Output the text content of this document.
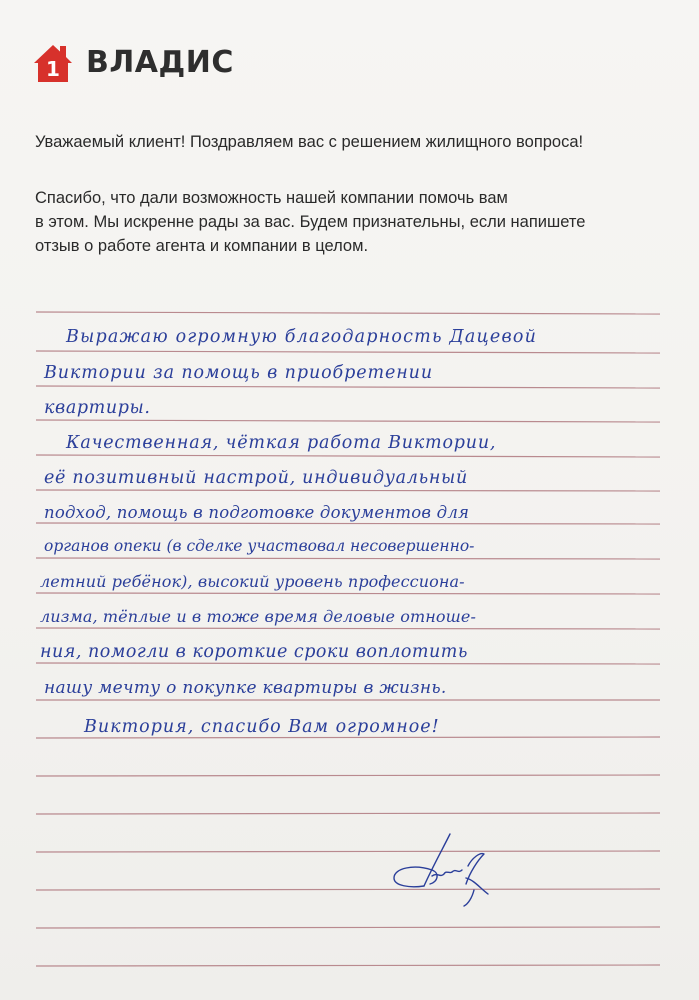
1 ВЛАДИС
Уважаемый клиент! Поздравляем вас с решением жилищного вопроса!
Спасибо, что дали возможность нашей компании помочь вам
в этом. Мы искренне рады за вас. Будем признательны, если напишете
отзыв о работе агента и компании в целом.
Выражаю огромную благодарность Дацевой
Виктории за помощь в приобретении
квартиры.
Качественная, чёткая работа Виктории,
её позитивный настрой, индивидуальный
подход, помощь в подготовке документов для
органов опеки (в сделке участвовал несовершенно-
летний ребёнок), высокий уровень профессиона-
лизма, тёплые и в тоже время деловые отноше-
ния, помогли в короткие сроки воплотить
нашу мечту о покупке квартиры в жизнь.
Виктория, спасибо Вам огромное!
